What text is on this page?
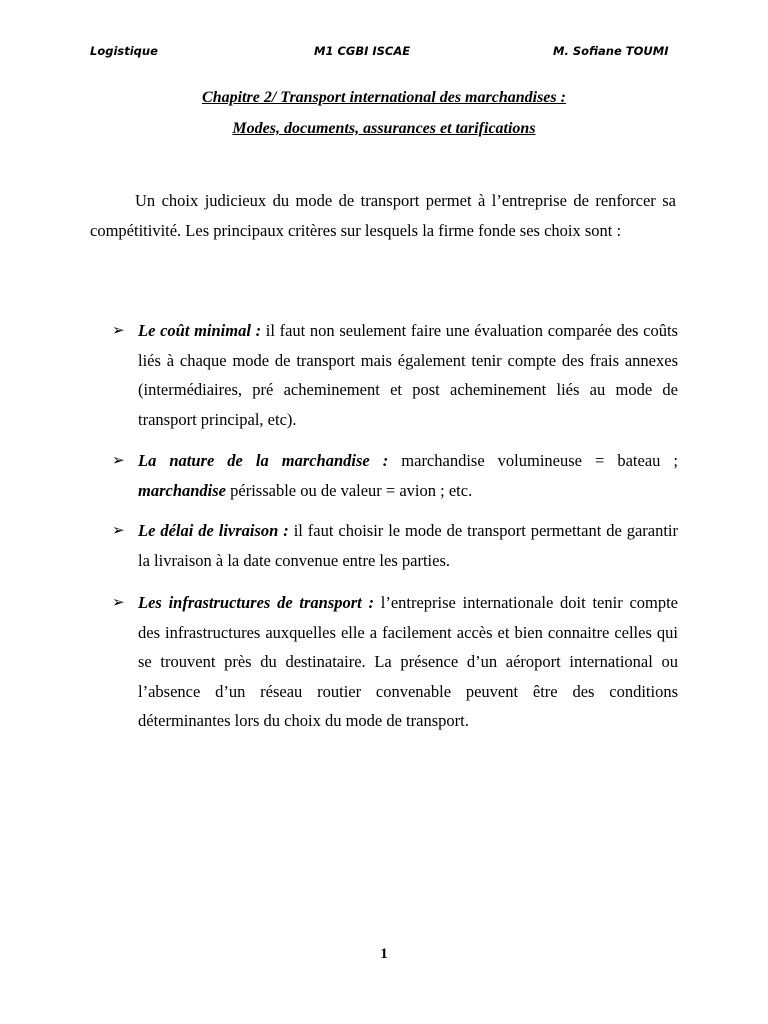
Logistique	M1 CGBI ISCAE	M. Sofiane TOUMI
Chapitre 2/ Transport international des marchandises :
Modes, documents, assurances et tarifications

Un choix judicieux du mode de transport permet à l’entreprise de renforcer sa compétitivité. Les principaux critères sur lesquels la firme fonde ses choix sont :

➢ Le coût minimal : il faut non seulement faire une évaluation comparée des coûts liés à chaque mode de transport mais également tenir compte des frais annexes (intermédiaires, pré acheminement et post acheminement liés au mode de transport principal, etc).
➢ La nature de la marchandise : marchandise volumineuse = bateau ; marchandise périssable ou de valeur = avion ; etc.
➢ Le délai de livraison : il faut choisir le mode de transport permettant de garantir la livraison à la date convenue entre les parties.
➢ Les infrastructures de transport : l’entreprise internationale doit tenir compte des infrastructures auxquelles elle a facilement accès et bien connaitre celles qui se trouvent près du destinataire. La présence d’un aéroport international ou l’absence d’un réseau routier convenable peuvent être des conditions déterminantes lors du choix du mode de transport.
1
